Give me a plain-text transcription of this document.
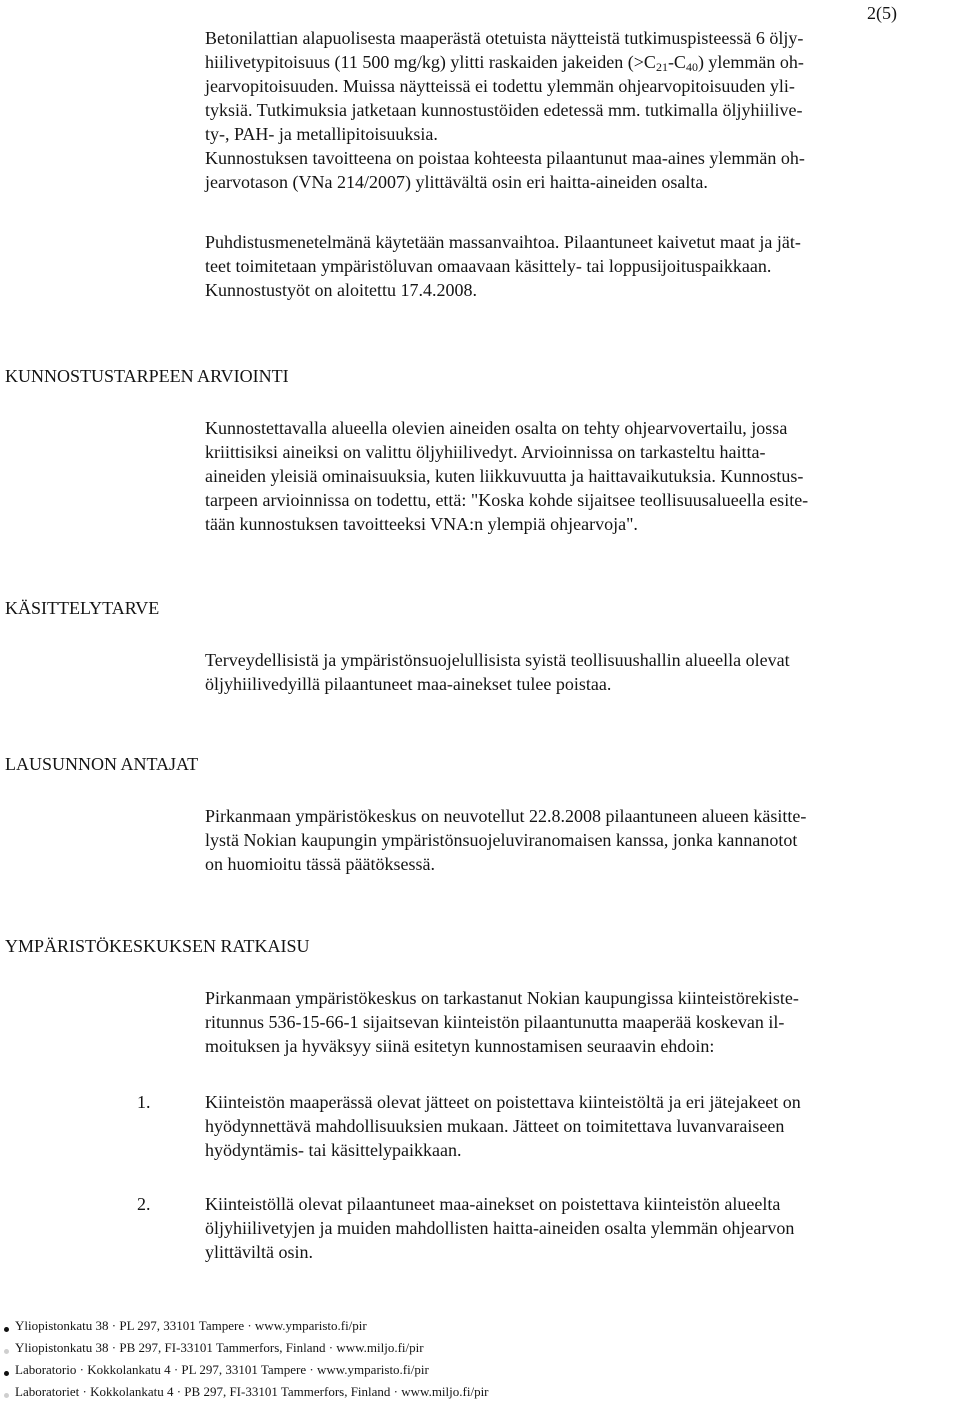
2(5)

Betonilattian alapuolisesta maaperästä otetuista näytteistä tutkimuspisteessä 6 öljy-
hiilivetypitoisuus (11 500 mg/kg) ylitti raskaiden jakeiden $(>C_{21}-C_{40})$ ylemmän oh-
jearvopitoisuuden. Muissa näytteissä ei todettu ylemmän ohjearvopitoisuuden yli-
tyksiä. Tutkimuksia jatketaan kunnostustöiden edetessä mm. tutkimalla öljyhiilive-
ty-, PAH- ja metallipitoisuuksia.
Kunnostuksen tavoitteena on poistaa kohteesta pilaantunut maa-aines ylemmän oh-
jearvotason (VNa 214/2007) ylittävältä osin eri haitta-aineiden osalta.

Puhdistusmenetelmänä käytetään massanvaihtoa. Pilaantuneet kaivetut maat ja jät-
teet toimitetaan ympäristöluvan omaavaan käsittely- tai loppusijoituspaikkaan.
Kunnostustyöt on aloitettu 17.4.2008.

KUNNOSTUSTARPEEN ARVIOINTI

Kunnostettavalla alueella olevien aineiden osalta on tehty ohjearvovertailu, jossa
kriittisiksi aineiksi on valittu öljyhiilivedyt. Arvioinnissa on tarkasteltu haitta-
aineiden yleisiä ominaisuuksia, kuten liikkuvuutta ja haittavaikutuksia. Kunnostus-
tarpeen arvioinnissa on todettu, että: "Koska kohde sijaitsee teollisuusalueella esite-
tään kunnostuksen tavoitteeksi VNA:n ylempiä ohjearvoja".

KÄSITTELYTARVE

Terveydellisistä ja ympäristönsuojelullisista syistä teollisuushallin alueella olevat
öljyhiilivedyillä pilaantuneet maa-ainekset tulee poistaa.

LAUSUNNON ANTAJAT

Pirkanmaan ympäristökeskus on neuvotellut 22.8.2008 pilaantuneen alueen käsitte-
lystä Nokian kaupungin ympäristönsuojeluviranomaisen kanssa, jonka kannanotot
on huomioitu tässä päätöksessä.

YMPÄRISTÖKESKUKSEN RATKAISU

Pirkanmaan ympäristökeskus on tarkastanut Nokian kaupungissa kiinteistörekiste-
ritunnus 536-15-66-1 sijaitsevan kiinteistön pilaantunutta maaperää koskevan il-
moituksen ja hyväksyy siinä esitetyn kunnostamisen seuraavin ehdoin:

1.	Kiinteistön maaperässä olevat jätteet on poistettava kiinteistöltä ja eri jätejakeet on
hyödynnettävä mahdollisuuksien mukaan. Jätteet on toimitettava luvanvaraiseen
hyödyntämis- tai käsittelypaikkaan.

2.	Kiinteistöllä olevat pilaantuneet maa-ainekset on poistettava kiinteistön alueelta
öljyhiilivetyjen ja muiden mahdollisten haitta-aineiden osalta ylemmän ohjearvon
ylittäviltä osin.

Yliopistonkatu 38 · PL 297, 33101 Tampere · www.ymparisto.fi/pir
Yliopistonkatu 38 · PB 297, FI-33101 Tammerfors, Finland · www.miljo.fi/pir
Laboratorio · Kokkolankatu 4 · PL 297, 33101 Tampere · www.ymparisto.fi/pir
Laboratoriet · Kokkolankatu 4 · PB 297, FI-33101 Tammerfors, Finland · www.miljo.fi/pir
